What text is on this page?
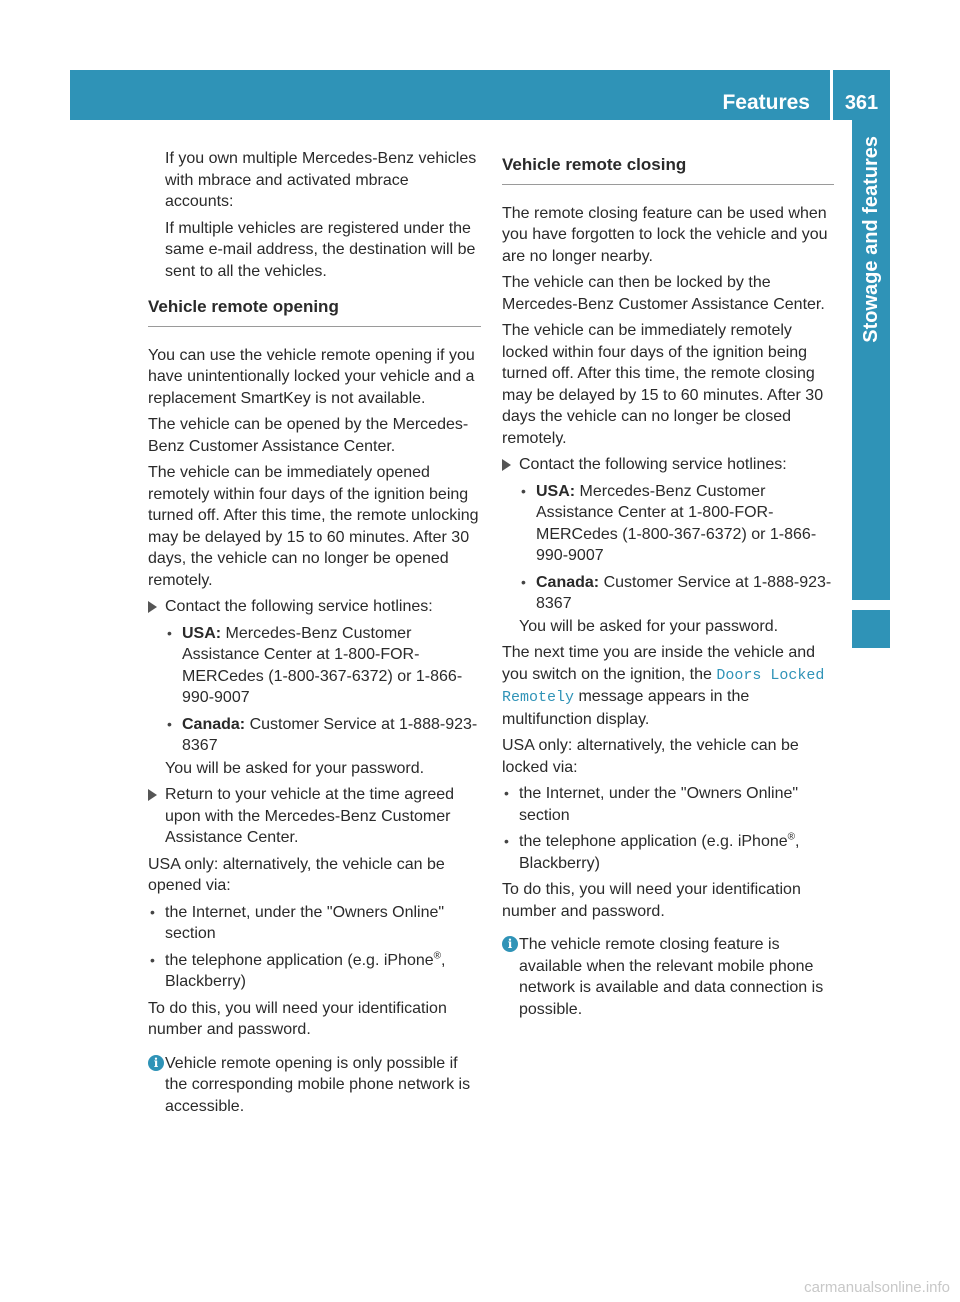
Features	361
Stowage and features

If you own multiple Mercedes-Benz vehicles with mbrace and activated mbrace accounts:

If multiple vehicles are registered under the same e-mail address, the destination will be sent to all the vehicles.

Vehicle remote opening

You can use the vehicle remote opening if you have unintentionally locked your vehicle and a replacement SmartKey is not available.

The vehicle can be opened by the Mercedes-Benz Customer Assistance Center.

The vehicle can be immediately opened remotely within four days of the ignition being turned off. After this time, the remote unlocking may be delayed by 15 to 60 minutes. After 30 days, the vehicle can no longer be opened remotely.

Contact the following service hotlines:
• USA: Mercedes-Benz Customer Assistance Center at 1-800-FOR-MERCedes (1-800-367-6372) or 1-866-990-9007
• Canada: Customer Service at 1-888-923-8367

You will be asked for your password.

Return to your vehicle at the time agreed upon with the Mercedes-Benz Customer Assistance Center.

USA only: alternatively, the vehicle can be opened via:

• the Internet, under the "Owners Online" section
• the telephone application (e.g. iPhone®, Blackberry)

To do this, you will need your identification number and password.

i Vehicle remote opening is only possible if the corresponding mobile phone network is accessible.
Vehicle remote closing

The remote closing feature can be used when you have forgotten to lock the vehicle and you are no longer nearby.

The vehicle can then be locked by the Mercedes-Benz Customer Assistance Center.

The vehicle can be immediately remotely locked within four days of the ignition being turned off. After this time, the remote closing may be delayed by 15 to 60 minutes. After 30 days the vehicle can no longer be closed remotely.

Contact the following service hotlines:
• USA: Mercedes-Benz Customer Assistance Center at 1-800-FOR-MERCedes (1-800-367-6372) or 1-866-990-9007
• Canada: Customer Service at 1-888-923-8367

You will be asked for your password.

The next time you are inside the vehicle and you switch on the ignition, the Doors Locked Remotely message appears in the multifunction display.

USA only: alternatively, the vehicle can be locked via:

• the Internet, under the "Owners Online" section
• the telephone application (e.g. iPhone®, Blackberry)

To do this, you will need your identification number and password.

i The vehicle remote closing feature is available when the relevant mobile phone network is available and data connection is possible.
carmanualsonline.info
